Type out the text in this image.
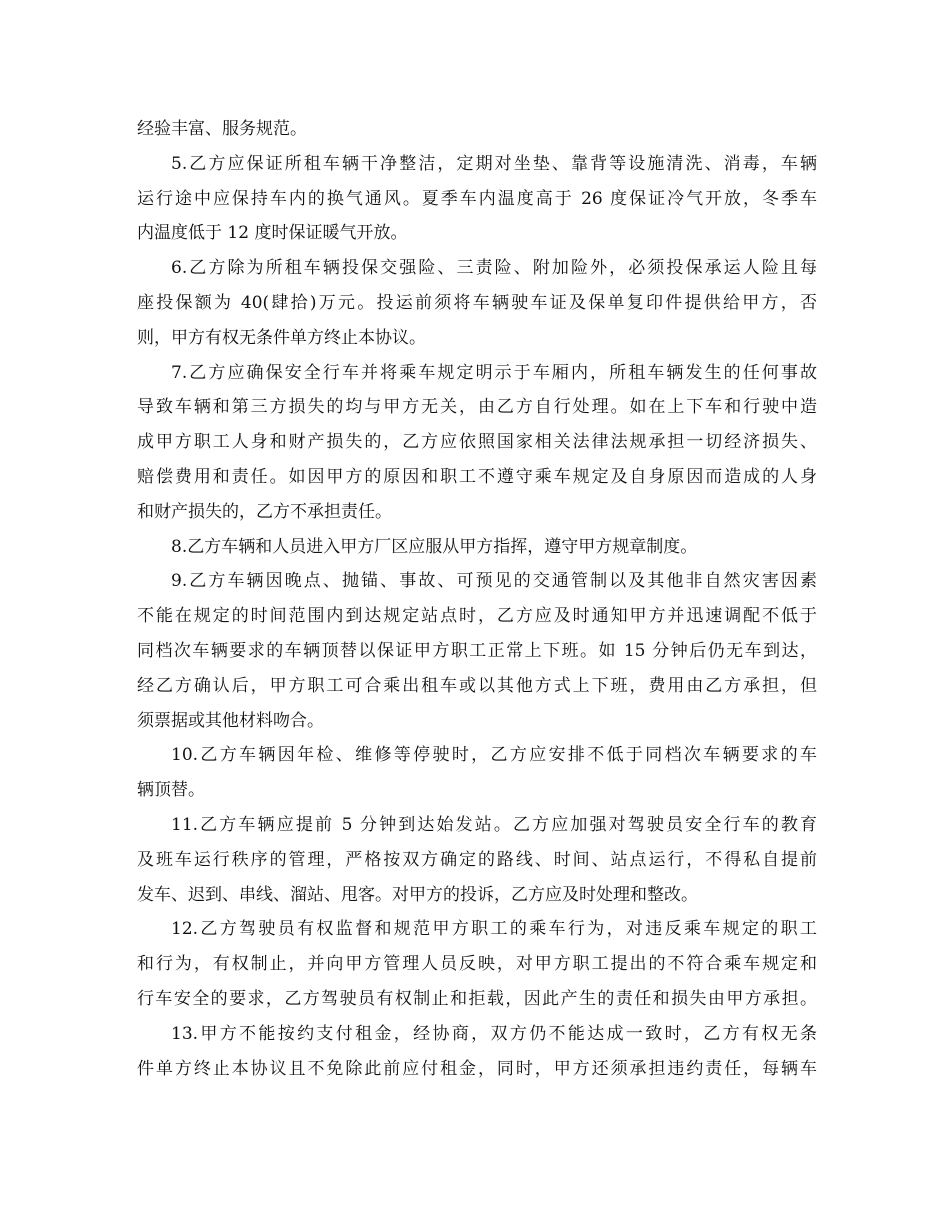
经验丰富、服务规范。
5.乙方应保证所租车辆干净整洁，定期对坐垫、靠背等设施清洗、消毒，车辆
运行途中应保持车内的换气通风。夏季车内温度高于 26 度保证冷气开放，冬季车
内温度低于 12 度时保证暖气开放。
6.乙方除为所租车辆投保交强险、三责险、附加险外，必须投保承运人险且每
座投保额为 40(肆拾)万元。投运前须将车辆驶车证及保单复印件提供给甲方，否
则，甲方有权无条件单方终止本协议。
7.乙方应确保安全行车并将乘车规定明示于车厢内，所租车辆发生的任何事故
导致车辆和第三方损失的均与甲方无关，由乙方自行处理。如在上下车和行驶中造
成甲方职工人身和财产损失的，乙方应依照国家相关法律法规承担一切经济损失、
赔偿费用和责任。如因甲方的原因和职工不遵守乘车规定及自身原因而造成的人身
和财产损失的，乙方不承担责任。
8.乙方车辆和人员进入甲方厂区应服从甲方指挥，遵守甲方规章制度。
9.乙方车辆因晚点、抛锚、事故、可预见的交通管制以及其他非自然灾害因素
不能在规定的时间范围内到达规定站点时，乙方应及时通知甲方并迅速调配不低于
同档次车辆要求的车辆顶替以保证甲方职工正常上下班。如 15 分钟后仍无车到达，
经乙方确认后，甲方职工可合乘出租车或以其他方式上下班，费用由乙方承担，但
须票据或其他材料吻合。
10.乙方车辆因年检、维修等停驶时，乙方应安排不低于同档次车辆要求的车
辆顶替。
11.乙方车辆应提前 5 分钟到达始发站。乙方应加强对驾驶员安全行车的教育
及班车运行秩序的管理，严格按双方确定的路线、时间、站点运行，不得私自提前
发车、迟到、串线、溜站、甩客。对甲方的投诉，乙方应及时处理和整改。
12.乙方驾驶员有权监督和规范甲方职工的乘车行为，对违反乘车规定的职工
和行为，有权制止，并向甲方管理人员反映，对甲方职工提出的不符合乘车规定和
行车安全的要求，乙方驾驶员有权制止和拒载，因此产生的责任和损失由甲方承担。
13.甲方不能按约支付租金，经协商，双方仍不能达成一致时，乙方有权无条
件单方终止本协议且不免除此前应付租金，同时，甲方还须承担违约责任，每辆车
